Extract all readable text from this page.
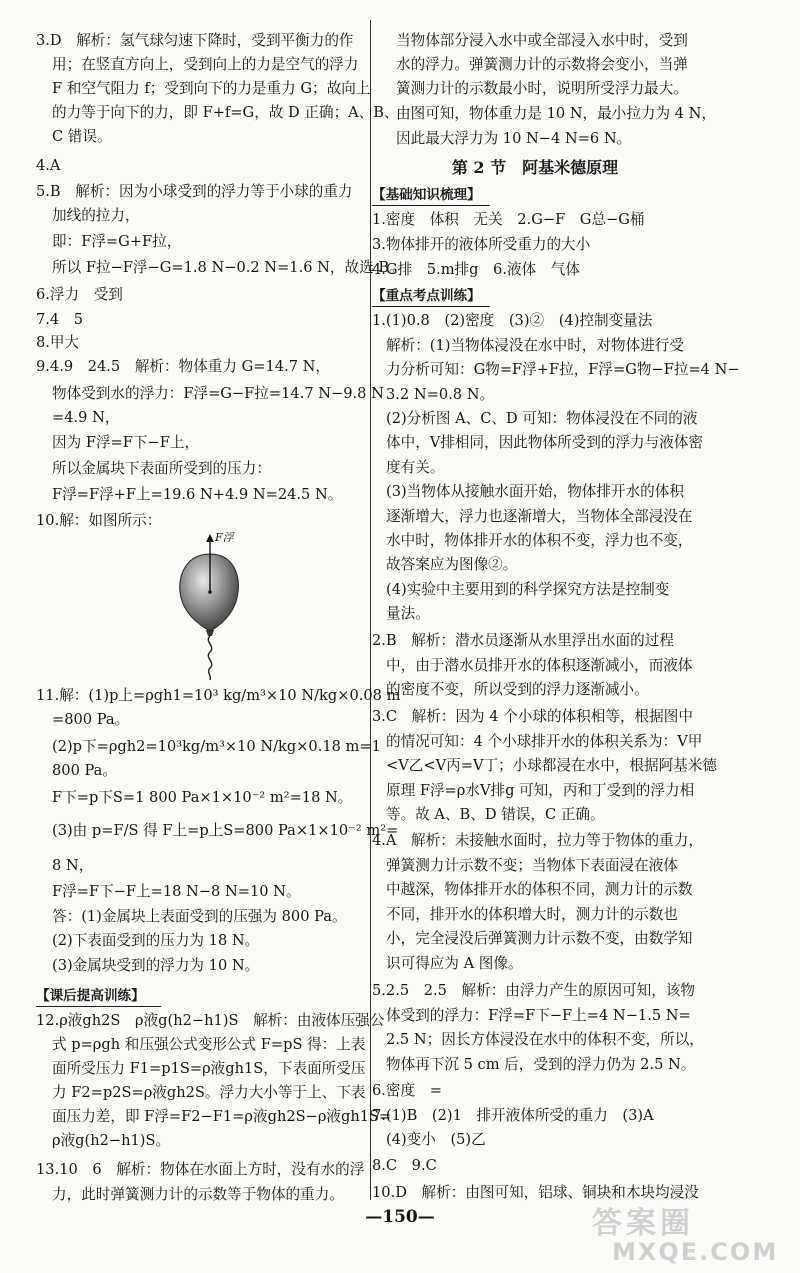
3.D　解析：氢气球匀速下降时，受到平衡力的作
用；在竖直方向上，受到向上的力是空气的浮力
F 和空气阻力 f；受到向下的力是重力 G；故向上
的力等于向下的力，即 F+f=G，故 D 正确；A、B、
C 错误。
4.A
5.B　解析：因为小球受到的浮力等于小球的重力
加线的拉力，
即：F浮=G+F拉，
所以 F拉−F浮−G=1.8 N−0.2 N=1.6 N，故选 B。
6.浮力　受到
7.4　5
8.甲大
9.4.9　24.5　解析：物体重力 G=14.7 N，
物体受到水的浮力：F浮=G−F拉=14.7 N−9.8 N
=4.9 N，
因为 F浮=F下−F上，
所以金属块下表面所受到的压力：
F浮=F浮+F上=19.6 N+4.9 N=24.5 N。
10.解：如图所示：
11.解：(1)p上=ρgh1=10³ kg/m³×10 N/kg×0.08 m
=800 Pa。
(2)p下=ρgh2=10³kg/m³×10 N/kg×0.18 m=1
800 Pa。
F下=p下S=1 800 Pa×1×10⁻² m²=18 N。
(3)由 p=F/S 得 F上=p上S=800 Pa×1×10⁻² m²=
8 N，
F浮=F下−F上=18 N−8 N=10 N。
答：(1)金属块上表面受到的压强为 800 Pa。
(2)下表面受到的压力为 18 N。
(3)金属块受到的浮力为 10 N。
【课后提高训练】
12.ρ液gh2S　ρ液g(h2−h1)S　解析：由液体压强公
式 p=ρgh 和压强公式变形公式 F=pS 得：上表
面所受压力 F1=p1S=ρ液gh1S，下表面所受压
力 F2=p2S=ρ液gh2S。浮力大小等于上、下表
面压力差，即 F浮=F2−F1=ρ液gh2S−ρ液gh1S=
ρ液g(h2−h1)S。
13.10　6　解析：物体在水面上方时，没有水的浮
力，此时弹簧测力计的示数等于物体的重力。
F浮
当物体部分浸入水中或全部浸入水中时，受到
水的浮力。弹簧测力计的示数将会变小，当弹
簧测力计的示数最小时，说明所受浮力最大。
由图可知，物体重力是 10 N，最小拉力为 4 N，
因此最大浮力为 10 N−4 N=6 N。
第 2 节　阿基米德原理
【基础知识梳理】
1.密度　体积　无关　2.G−F　G总−G桶
3.物体排开的液体所受重力的大小
4.G排　5.m排g　6.液体　气体
【重点考点训练】
1.(1)0.8　(2)密度　(3)②　(4)控制变量法
解析：(1)当物体浸没在水中时，对物体进行受
力分析可知：G物=F浮+F拉，F浮=G物−F拉=4 N−
3.2 N=0.8 N。
(2)分析图 A、C、D 可知：物体浸没在不同的液
体中，V排相同，因此物体所受到的浮力与液体密
度有关。
(3)当物体从接触水面开始，物体排开水的体积
逐渐增大，浮力也逐渐增大，当物体全部浸没在
水中时，物体排开水的体积不变，浮力也不变，
故答案应为图像②。
(4)实验中主要用到的科学探究方法是控制变
量法。
2.B　解析：潜水员逐渐从水里浮出水面的过程
中，由于潜水员排开水的体积逐渐减小，而液体
的密度不变，所以受到的浮力逐渐减小。
3.C　解析：因为 4 个小球的体积相等，根据图中
的情况可知：4 个小球排开水的体积关系为：V甲
<V乙<V丙=V丁；小球都浸在水中，根据阿基米德
原理 F浮=ρ水V排g 可知，丙和丁受到的浮力相
等。故 A、B、D 错误，C 正确。
4.A　解析：未接触水面时，拉力等于物体的重力，
弹簧测力计示数不变；当物体下表面浸在液体
中越深，物体排开水的体积不同，测力计的示数
不同，排开水的体积增大时，测力计的示数也
小，完全浸没后弹簧测力计示数不变，由数学知
识可得应为 A 图像。
5.2.5　2.5　解析：由浮力产生的原因可知，该物
体受到的浮力：F浮=F下−F上=4 N−1.5 N=
2.5 N；因长方体浸没在水中的体积不变，所以，
物体再下沉 5 cm 后，受到的浮力仍为 2.5 N。
6.密度　=
7.(1)B　(2)1　排开液体所受的重力　(3)A
(4)变小　(5)乙
8.C　9.C
10.D　解析：由图可知，铝球、铜块和木块均浸没
—150—	答案圈
MXQE.COM
